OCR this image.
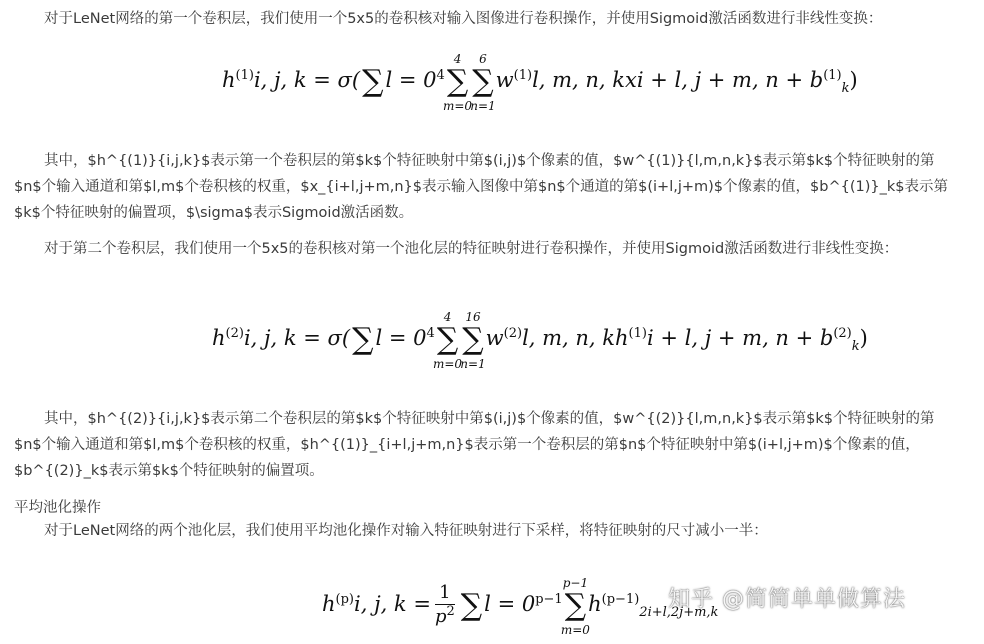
对于LeNet网络的第一个卷积层，我们使用一个5x5的卷积核对输入图像进行卷积操作，并使用Sigmoid激活函数进行非线性变换：

$h^{(1)}i$, j, $k = \sigma(\sum l = 0^4\sum$
4
m=0
∑
6
n=1
$w^{(1)}l$, m, n, kxi + l, j + m, $n + b^{(1)}_k$)

其中，$h^{(1)}{i,j,k}$表示第一个卷积层的第$k$个特征映射中第$(i,j)$个像素的值，$w^{(1)}{l,m,n,k}$表示第$k$个特征映射的第$n$个输入通道和第$l,m$个卷积核的权重，$x_{i+l,j+m,n}$表示输入图像中第$n$个通道的第$(i+l,j+m)$个像素的值，$b^{(1)}_k$表示第$k$个特征映射的偏置项，$\sigma$表示Sigmoid激活函数。

对于第二个卷积层，我们使用一个5x5的卷积核对第一个池化层的特征映射进行卷积操作，并使用Sigmoid激活函数进行非线性变换：

$h^{(2)}i$, j, $k = \sigma(\sum l = 0^4\sum$
4
m=0
∑
16
n=1
$w^{(2)}l$, m, n, $kh^{(1)}i + l$, j + m, $n + b^{(2)}_k$)

其中，$h^{(2)}{i,j,k}$表示第二个卷积层的第$k$个特征映射中第$(i,j)$个像素的值，$w^{(2)}{l,m,n,k}$表示第$k$个特征映射的第$n$个输入通道和第$l,m$个卷积核的权重，$h^{(1)}_{i+l,j+m,n}$表示第一个卷积层的第$n$个特征映射中第$(i+l,j+m)$个像素的值，$b^{(2)}_k$表示第$k$个特征映射的偏置项。

平均池化操作

对于LeNet网络的两个池化层，我们使用平均池化操作对输入特征映射进行下采样，将特征映射的尺寸减小一半：

$h^{(p)}i$, j, $k = \frac{1}{p^2} \sum l = 0^{p-1}\sum$
p−1
m=0
$h^{(p-1)}_{2i+l,2j+m,k}$
知乎 @简简单单做算法
